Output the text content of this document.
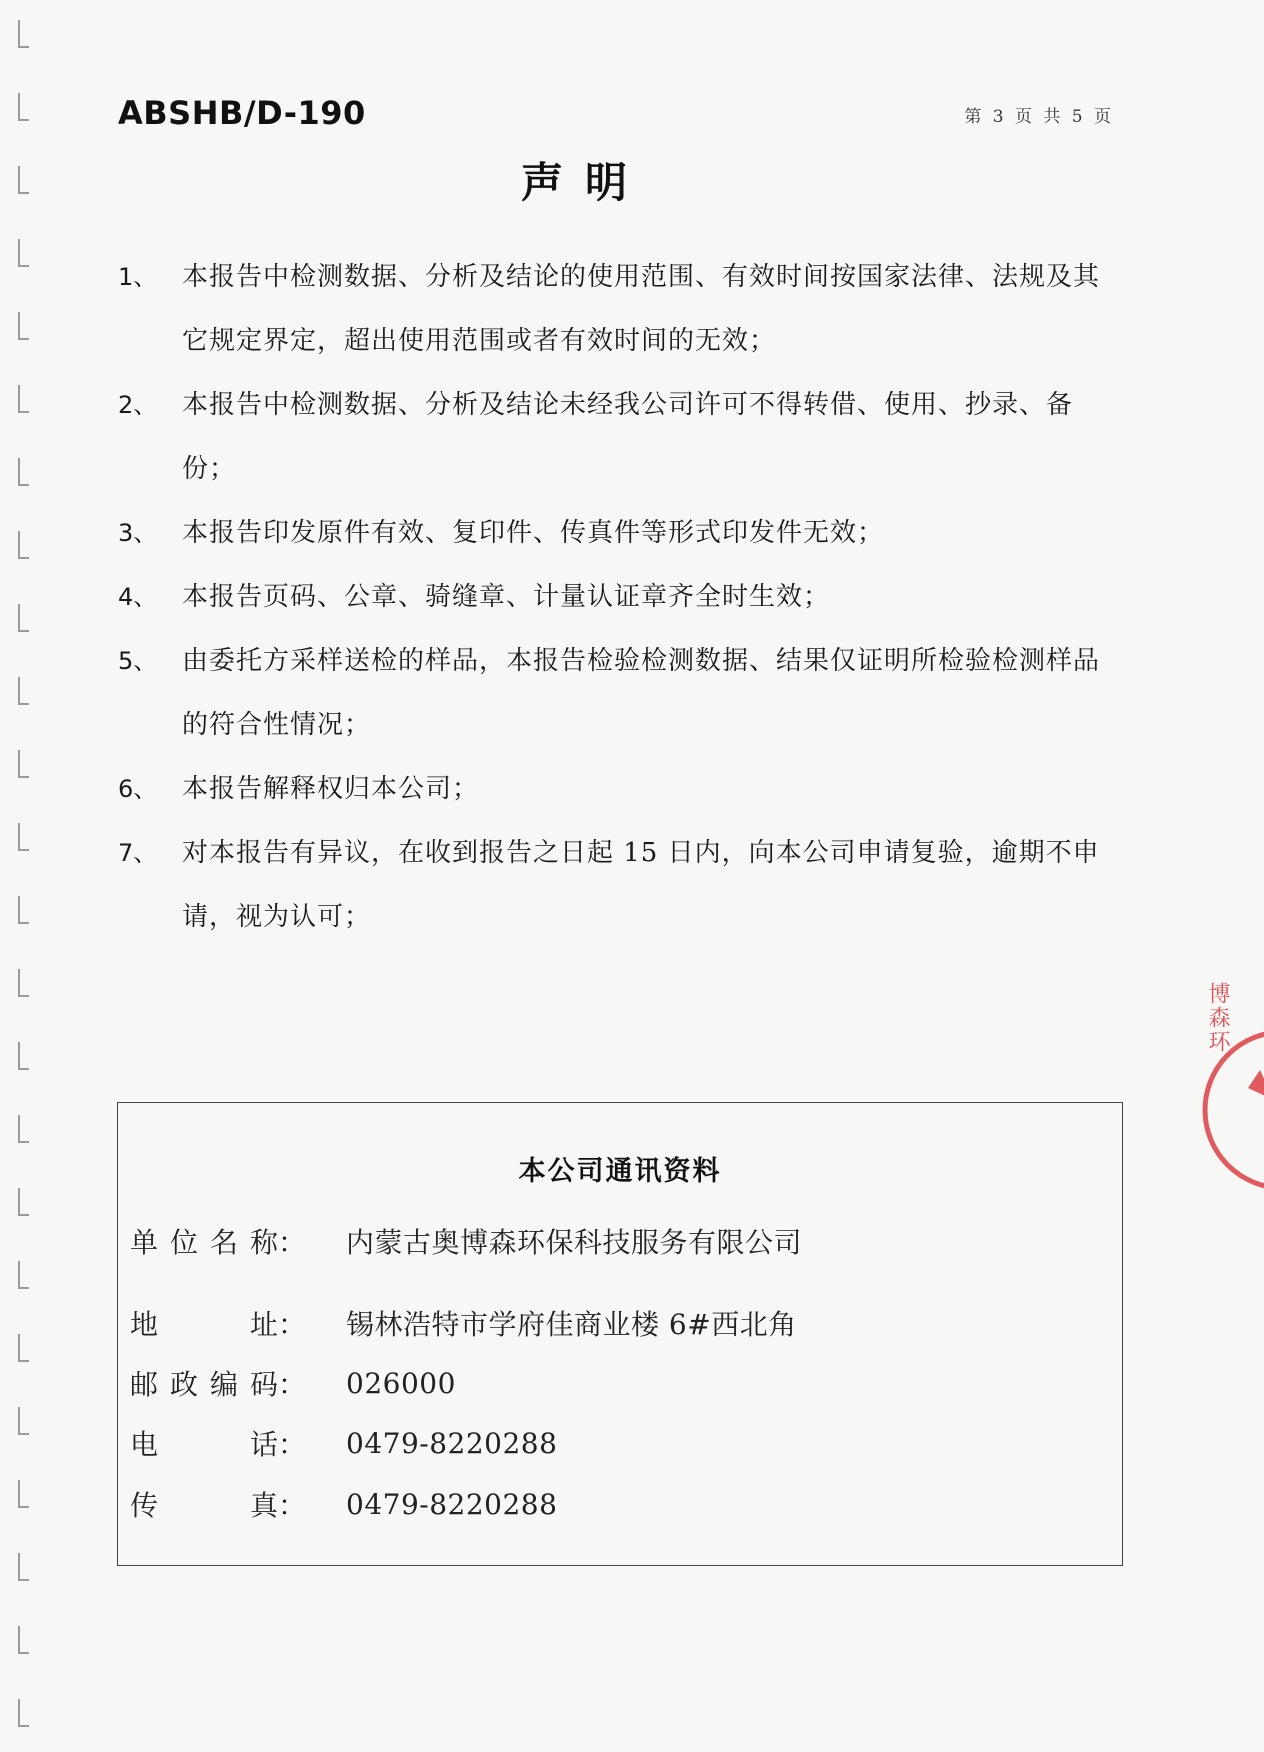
ABSHB/D-190	第 3 页 共 5 页
声明
1、 本报告中检测数据、分析及结论的使用范围、有效时间按国家法律、法规及其它规定界定，超出使用范围或者有效时间的无效；
2、 本报告中检测数据、分析及结论未经我公司许可不得转借、使用、抄录、备份；
3、 本报告印发原件有效、复印件、传真件等形式印发件无效；
4、 本报告页码、公章、骑缝章、计量认证章齐全时生效；
5、 由委托方采样送检的样品，本报告检验检测数据、结果仅证明所检验检测样品的符合性情况；
6、 本报告解释权归本公司；
7、 对本报告有异议，在收到报告之日起 15 日内，向本公司申请复验，逾期不申请，视为认可；
本公司通讯资料
单 位 名 称 ： 内蒙古奥博森环保科技服务有限公司
地	址 ： 锡林浩特市学府佳商业楼 6#西北角
邮 政 编 码 ： 026000
电	话 ： 0479-8220288
传	真 ： 0479-8220288
博森环
